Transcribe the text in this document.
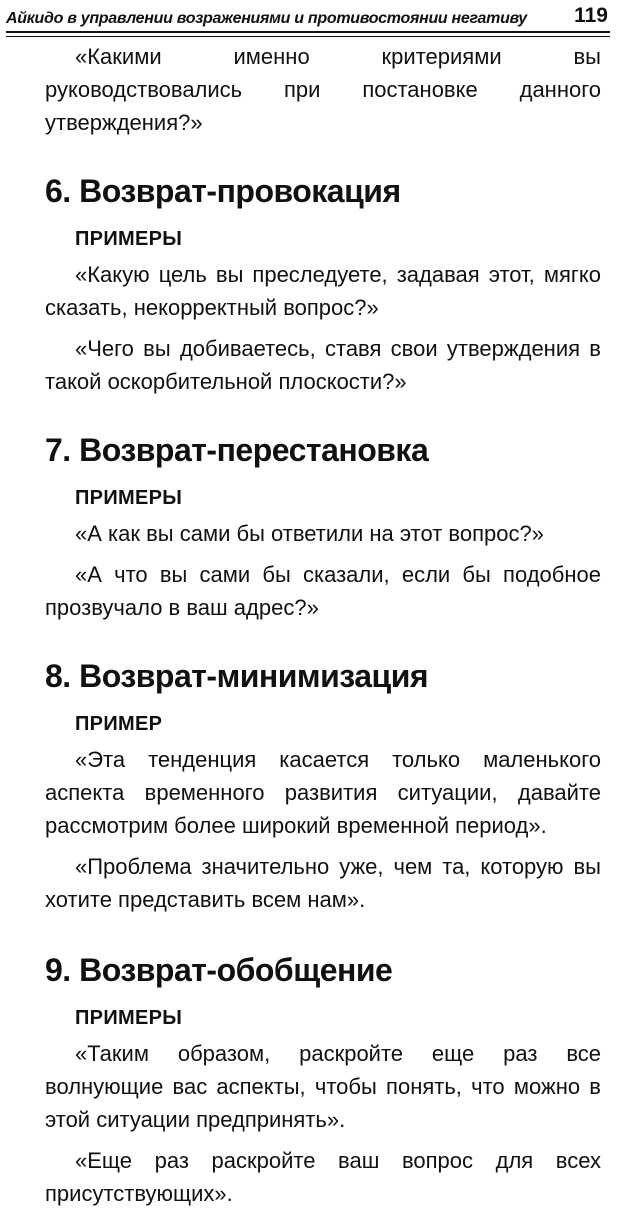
Айкидо в управлении возражениями и противостоянии негативу 119

«Какими именно критериями вы руководствовались при постановке данного утверждения?»

6. Возврат-провокация
ПРИМЕРЫ

«Какую цель вы преследуете, задавая этот, мягко сказать, некорректный вопрос?»

«Чего вы добиваетесь, ставя свои утверждения в такой оскорбительной плоскости?»

7. Возврат-перестановка
ПРИМЕРЫ

«А как вы сами бы ответили на этот вопрос?»

«А что вы сами бы сказали, если бы подобное прозвучало в ваш адрес?»

8. Возврат-минимизация
ПРИМЕР

«Эта тенденция касается только маленького аспекта временного развития ситуации, давайте рассмотрим более широкий временной период».

«Проблема значительно уже, чем та, которую вы хотите представить всем нам».

9. Возврат-обобщение
ПРИМЕРЫ

«Таким образом, раскройте еще раз все волнующие вас аспекты, чтобы понять, что можно в этой ситуации предпринять».

«Еще раз раскройте ваш вопрос для всех присутствующих».
